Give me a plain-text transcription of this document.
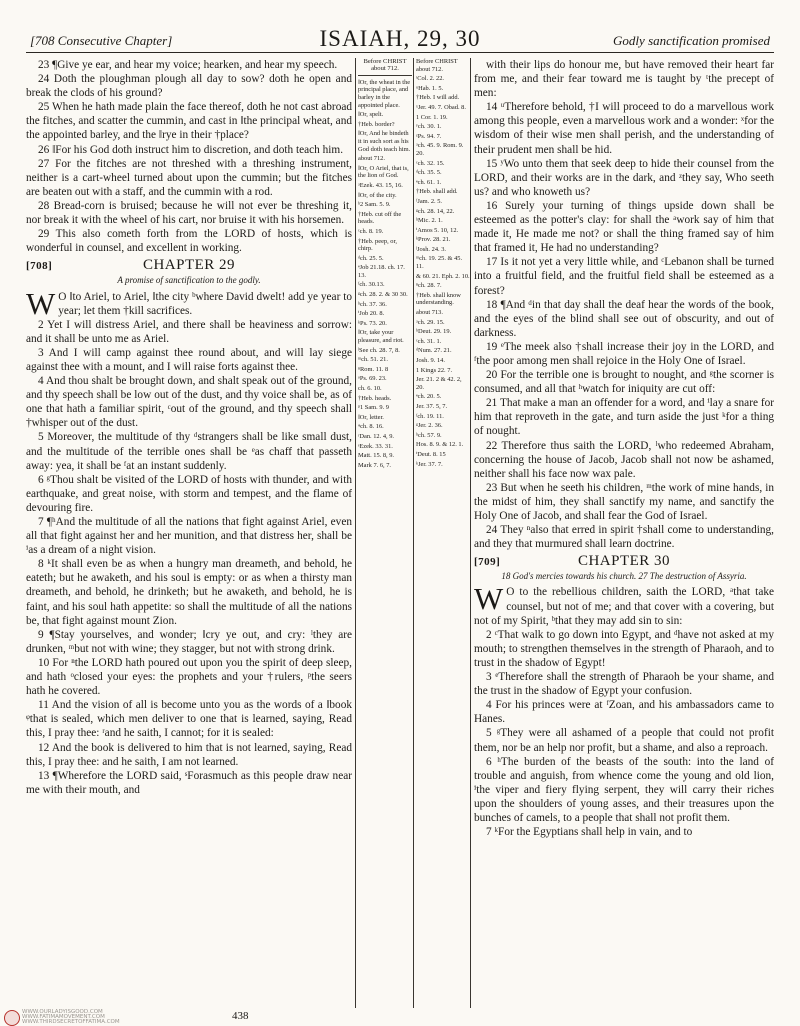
[708 Consecutive Chapter]	ISAIAH, 29, 30	Godly sanctification promised

23 ¶Give ye ear, and hear my voice; hearken, and hear my speech.

24 Doth the ploughman plough all day to sow? doth he open and break the clods of his ground?

25 When he hath made plain the face thereof, doth he not cast abroad the fitches, and scatter the cummin, and cast in ‖the principal wheat, and the appointed barley, and the ‖rye in their †place?

26 ‖For his God doth instruct him to discretion, and doth teach him.

27 For the fitches are not threshed with a threshing instrument, neither is a cart-wheel turned about upon the cummin; but the fitches are beaten out with a staff, and the cummin with a rod.

28 Bread-corn is bruised; because he will not ever be threshing it, nor break it with the wheel of his cart, nor bruise it with his horsemen.

29 This also cometh forth from the LORD of hosts, which is wonderful in counsel, and excellent in working.

[708]	CHAPTER 29

A promise of sanctification to the godly.

W O ‖to Ariel, to Ariel, ‖the city ᵇwhere David dwelt! add ye year to year; let them †kill sacrifices.

2 Yet I will distress Ariel, and there shall be heaviness and sorrow: and it shall be unto me as Ariel.

3 And I will camp against thee round about, and will lay siege against thee with a mount, and I will raise forts against thee.

4 And thou shalt be brought down, and shalt speak out of the ground, and thy speech shall be low out of the dust, and thy voice shall be, as of one that hath a familiar spirit, ᶜout of the ground, and thy speech shall †whisper out of the dust.

5 Moreover, the multitude of thy ᵈstrangers shall be like small dust, and the multitude of the terrible ones shall be ᵉas chaff that passeth away: yea, it shall be ᶠat an instant suddenly.

6 ᵍThou shalt be visited of the LORD of hosts with thunder, and with earthquake, and great noise, with storm and tempest, and the flame of devouring fire.

7 ¶ʰAnd the multitude of all the nations that fight against Ariel, even all that fight against her and her munition, and that distress her, shall be ⁱas a dream of a night vision.

8 ᵏIt shall even be as when a hungry man dreameth, and behold, he eateth; but he awaketh, and his soul is empty: or as when a thirsty man dreameth, and behold, he drinketh; but he awaketh, and behold, he is faint, and his soul hath appetite: so shall the multitude of all the nations be, that fight against mount Zion.

9 ¶Stay yourselves, and wonder; ‖cry ye out, and cry: ˡthey are drunken, ᵐbut not with wine; they stagger, but not with strong drink.

10 For ⁿthe LORD hath poured out upon you the spirit of deep sleep, and hath ᵒclosed your eyes: the prophets and your †rulers, ᵖthe seers hath he covered.

11 And the vision of all is become unto you as the words of a ‖book ᵠthat is sealed, which men deliver to one that is learned, saying, Read this, I pray thee: ʳand he saith, I cannot; for it is sealed:

12 And the book is delivered to him that is not learned, saying, Read this, I pray thee: and he saith, I am not learned.

13 ¶Wherefore the LORD said, ˢForasmuch as this people draw near me with their mouth, and

Before CHRIST about 712.
‖Or, the wheat in the principal place, and barley in the appointed place.
‖Or, spelt.
†Heb. border?
‖Or, And he bindeth it in such sort as his God doth teach him.
about 712.
‖Or, O Ariel, that is, the lion of God.
ᵃEzek. 43. 15, 16.
‖Or, of the city.
ᵇ2 Sam. 5. 9.
†Heb. cut off the heads.
ᶜch. 8. 19.
†Heb. peep, or, chirp.
ᵈch. 25. 5.
ᵉJob 21.18. ch. 17. 13.
ᶠch. 30.13.
ᵍch. 28. 2. & 30 30.
ʰch. 37. 36.
ⁱJob 20. 8.
ᵏPs. 73. 20.
‖Or, take your pleasure, and riot.
ˡSee ch. 28. 7, 8.
ᵐch. 51. 21.
ⁿRom. 11. 8
ᵒPs. 69. 23.
ch. 6. 10.
†Heb. heads.
ᵖ1 Sam. 9. 9
‖Or, letter.
ᵠch. 8. 16.
ʳDan. 12. 4, 9.
ˢEzek. 33. 31.
Matt. 15. 8, 9.
Mark 7. 6, 7.
Before CHRIST about 712.
ᵗCol. 2. 22.
ᵘHab. 1. 5.
†Heb. I will add.
ˣJer. 49. 7. Obad. 8.
1 Cor. 1. 19.
ʸch. 30. 1.
ᶻPs. 94. 7.
ᵃch. 45. 9. Rom. 9. 20.
ᶜch. 32. 15.
ᵈch. 35. 5.
ᵉch. 61. 1.
†Heb. shall add.
ᶠJam. 2. 5.
ᵍch. 28. 14, 22.
ʰMic. 2. 1.
ⁱAmos 5. 10, 12.
ᵏProv. 28. 21.
ˡJosh. 24. 3.
ᵐch. 19. 25. & 45. 11.
& 60. 21. Eph. 2. 10.
ⁿch. 28. 7.
†Heb. shall know understanding.
about 713.
ᵃch. 29. 15.
ᵇDeut. 29. 19.
ᶜch. 31. 1.
ᵈNum. 27. 21.
Josh. 9. 14.
1 Kings 22. 7.
Jer. 21. 2 & 42. 2, 20.
ᵉch. 20. 5.
Jer. 37. 5, 7.
ᶠch. 19. 11.
ᵍJer. 2. 36.
ʰch. 57. 9.
Hos. 8. 9. & 12. 1.
ⁱDeut. 8. 15
ᵏJer. 37. 7.

with their lips do honour me, but have removed their heart far from me, and their fear toward me is taught by ᵗthe precept of men:

14 ᵘTherefore behold, †I will proceed to do a marvellous work among this people, even a marvellous work and a wonder: ˣfor the wisdom of their wise men shall perish, and the understanding of their prudent men shall be hid.

15 ʸWo unto them that seek deep to hide their counsel from the LORD, and their works are in the dark, and ᶻthey say, Who seeth us? and who knoweth us?

16 Surely your turning of things upside down shall be esteemed as the potter's clay: for shall the ᵃwork say of him that made it, He made me not? or shall the thing framed say of him that framed it, He had no understanding?

17 Is it not yet a very little while, and ᶜLebanon shall be turned into a fruitful field, and the fruitful field shall be esteemed as a forest?

18 ¶And ᵈin that day shall the deaf hear the words of the book, and the eyes of the blind shall see out of obscurity, and out of darkness.

19 ᵉThe meek also †shall increase their joy in the LORD, and ᶠthe poor among men shall rejoice in the Holy One of Israel.

20 For the terrible one is brought to nought, and ᵍthe scorner is consumed, and all that ʰwatch for iniquity are cut off:

21 That make a man an offender for a word, and ⁱlay a snare for him that reproveth in the gate, and turn aside the just ᵏfor a thing of nought.

22 Therefore thus saith the LORD, ˡwho redeemed Abraham, concerning the house of Jacob, Jacob shall not now be ashamed, neither shall his face now wax pale.

23 But when he seeth his children, ᵐthe work of mine hands, in the midst of him, they shall sanctify my name, and sanctify the Holy One of Jacob, and shall fear the God of Israel.

24 They ⁿalso that erred in spirit †shall come to understanding, and they that murmured shall learn doctrine.

[709]	CHAPTER 30

18 God's mercies towards his church. 27 The destruction of Assyria.

W O to the rebellious children, saith the LORD, ᵃthat take counsel, but not of me; and that cover with a covering, but not of my Spirit, ᵇthat they may add sin to sin:

2 ᶜThat walk to go down into Egypt, and ᵈhave not asked at my mouth; to strengthen themselves in the strength of Pharaoh, and to trust in the shadow of Egypt!

3 ᵉTherefore shall the strength of Pharaoh be your shame, and the trust in the shadow of Egypt your confusion.

4 For his princes were at ᶠZoan, and his ambassadors came to Hanes.

5 ᵍThey were all ashamed of a people that could not profit them, nor be an help nor profit, but a shame, and also a reproach.

6 ʰThe burden of the beasts of the south: into the land of trouble and anguish, from whence come the young and old lion, ⁱthe viper and fiery flying serpent, they will carry their riches upon the shoulders of young asses, and their treasures upon the bunches of camels, to a people that shall not profit them.

7 ᵏFor the Egyptians shall help in vain, and to

WWW.OURLADYISGOOD.COM
WWW.FATIMAMOVEMENT.COM
WWW.THIRDSECRETOFFATIMA.COM	438
